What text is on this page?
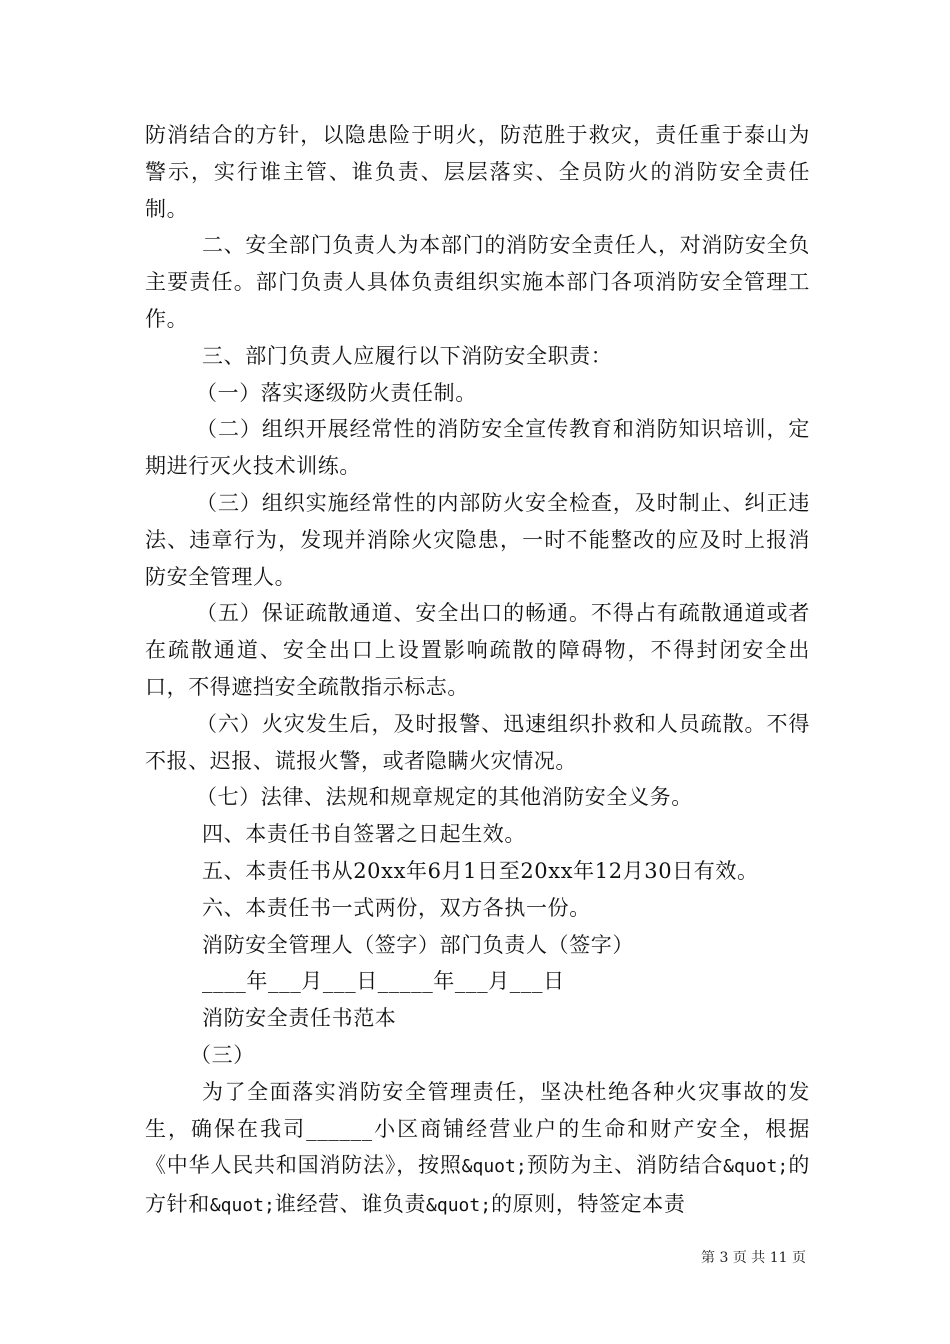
防消结合的方针，以隐患险于明火，防范胜于救灾，责任重于泰山为警示，实行谁主管、谁负责、层层落实、全员防火的消防安全责任制。

二、安全部门负责人为本部门的消防安全责任人，对消防安全负主要责任。部门负责人具体负责组织实施本部门各项消防安全管理工作。

三、部门负责人应履行以下消防安全职责：

（一）落实逐级防火责任制。

（二）组织开展经常性的消防安全宣传教育和消防知识培训，定期进行灭火技术训练。

（三）组织实施经常性的内部防火安全检查，及时制止、纠正违法、违章行为，发现并消除火灾隐患，一时不能整改的应及时上报消防安全管理人。

（五）保证疏散通道、安全出口的畅通。不得占有疏散通道或者在疏散通道、安全出口上设置影响疏散的障碍物，不得封闭安全出口，不得遮挡安全疏散指示标志。

（六）火灾发生后，及时报警、迅速组织扑救和人员疏散。不得不报、迟报、谎报火警，或者隐瞒火灾情况。

（七）法律、法规和规章规定的其他消防安全义务。

四、本责任书自签署之日起生效。

五、本责任书从20xx年6月1日至20xx年12月30日有效。

六、本责任书一式两份，双方各执一份。

消防安全管理人（签字）部门负责人（签字）

____年___月___日_____年___月___日

消防安全责任书范本

（三）

为了全面落实消防安全管理责任，坚决杜绝各种火灾事故的发生，确保在我司______小区商铺经营业户的生命和财产安全，根据《中华人民共和国消防法》，按照&quot;预防为主、消防结合&quot;的方针和&quot;谁经营、谁负责&quot;的原则，特签定本责

第 3 页 共 11 页
